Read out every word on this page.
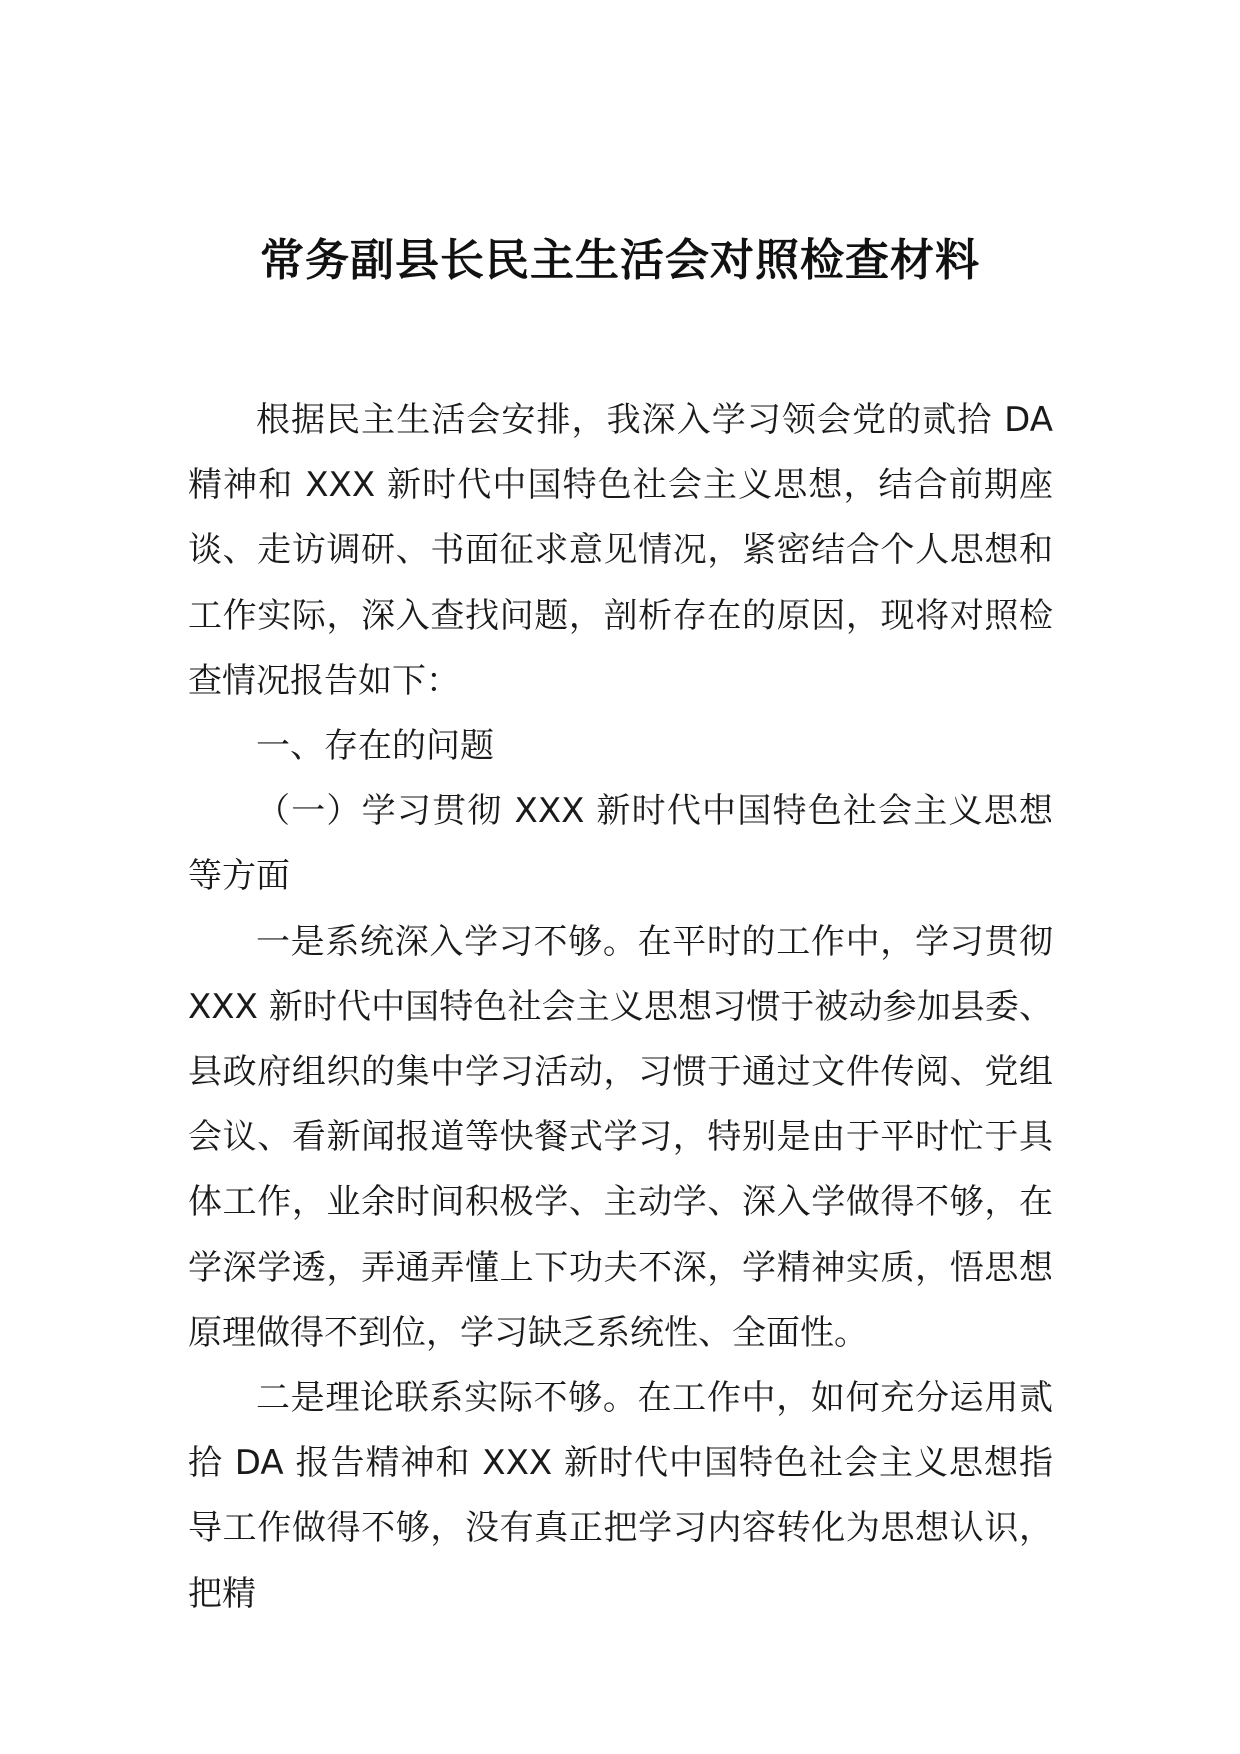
常务副县长民主生活会对照检查材料

根据民主生活会安排，我深入学习领会党的贰拾 DA 精神和 XXX 新时代中国特色社会主义思想，结合前期座谈、走访调研、书面征求意见情况，紧密结合个人思想和工作实际，深入查找问题，剖析存在的原因，现将对照检查情况报告如下：

一、存在的问题

（一）学习贯彻 XXX 新时代中国特色社会主义思想等方面

一是系统深入学习不够。在平时的工作中，学习贯彻 XXX 新时代中国特色社会主义思想习惯于被动参加县委、县政府组织的集中学习活动，习惯于通过文件传阅、党组会议、看新闻报道等快餐式学习，特别是由于平时忙于具体工作，业余时间积极学、主动学、深入学做得不够，在学深学透，弄通弄懂上下功夫不深，学精神实质，悟思想原理做得不到位，学习缺乏系统性、全面性。

二是理论联系实际不够。在工作中，如何充分运用贰拾 DA 报告精神和 XXX 新时代中国特色社会主义思想指导工作做得不够，没有真正把学习内容转化为思想认识，把精
